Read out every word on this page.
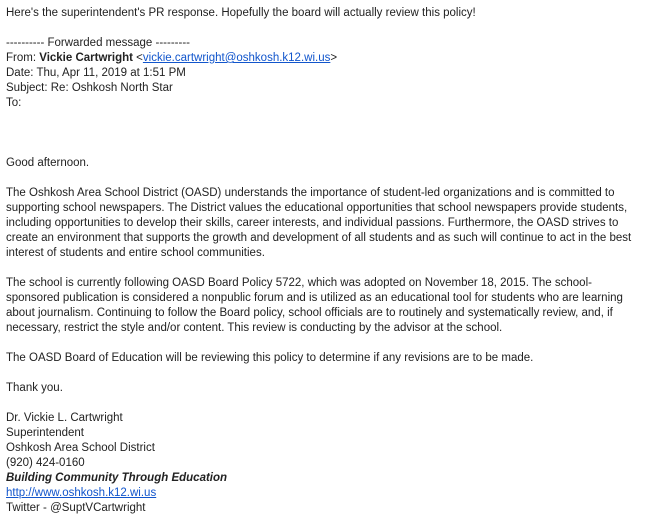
Here's the superintendent's PR response. Hopefully the board will actually review this policy!

---------- Forwarded message ---------

From: Vickie Cartwright <vickie.cartwright@oshkosh.k12.wi.us>

Date: Thu, Apr 11, 2019 at 1:51 PM

Subject: Re: Oshkosh North Star

To:

Good afternoon.

The Oshkosh Area School District (OASD) understands the importance of student-led organizations and is committed to supporting school newspapers. The District values the educational opportunities that school newspapers provide students, including opportunities to develop their skills, career interests, and individual passions. Furthermore, the OASD strives to create an environment that supports the growth and development of all students and as such will continue to act in the best interest of students and entire school communities.

The school is currently following OASD Board Policy 5722, which was adopted on November 18, 2015. The school-sponsored publication is considered a nonpublic forum and is utilized as an educational tool for students who are learning about journalism. Continuing to follow the Board policy, school officials are to routinely and systematically review, and, if necessary, restrict the style and/or content. This review is conducting by the advisor at the school.

The OASD Board of Education will be reviewing this policy to determine if any revisions are to be made.

Thank you.

Dr. Vickie L. Cartwright

Superintendent

Oshkosh Area School District

(920) 424-0160

Building Community Through Education

http://www.oshkosh.k12.wi.us

Twitter - @SuptVCartwright
